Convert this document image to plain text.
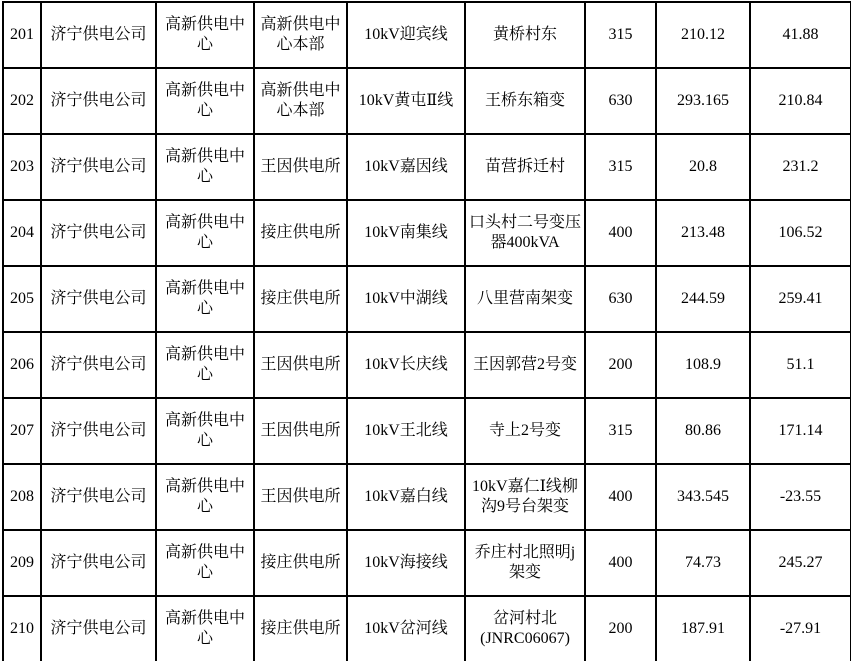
201	济宁供电公司	高新供电中心	高新供电中心本部	10kV迎宾线	黄桥村东	315	210.12	41.88
202	济宁供电公司	高新供电中心	高新供电中心本部	10kV黄屯Ⅱ线	王桥东箱变	630	293.165	210.84
203	济宁供电公司	高新供电中心	王因供电所	10kV嘉因线	苗营拆迁村	315	20.8	231.2
204	济宁供电公司	高新供电中心	接庄供电所	10kV南集线	口头村二号变压器400kVA	400	213.48	106.52
205	济宁供电公司	高新供电中心	接庄供电所	10kV中湖线	八里营南架变	630	244.59	259.41
206	济宁供电公司	高新供电中心	王因供电所	10kV长庆线	王因郭营2号变	200	108.9	51.1
207	济宁供电公司	高新供电中心	王因供电所	10kV王北线	寺上2号变	315	80.86	171.14
208	济宁供电公司	高新供电中心	王因供电所	10kV嘉白线	10kV嘉仁Ⅰ线柳沟9号台架变	400	343.545	-23.55
209	济宁供电公司	高新供电中心	接庄供电所	10kV海接线	乔庄村北照明j架变	400	74.73	245.27
210	济宁供电公司	高新供电中心	接庄供电所	10kV岔河线	岔河村北(JNRC06067)	200	187.91	-27.91
